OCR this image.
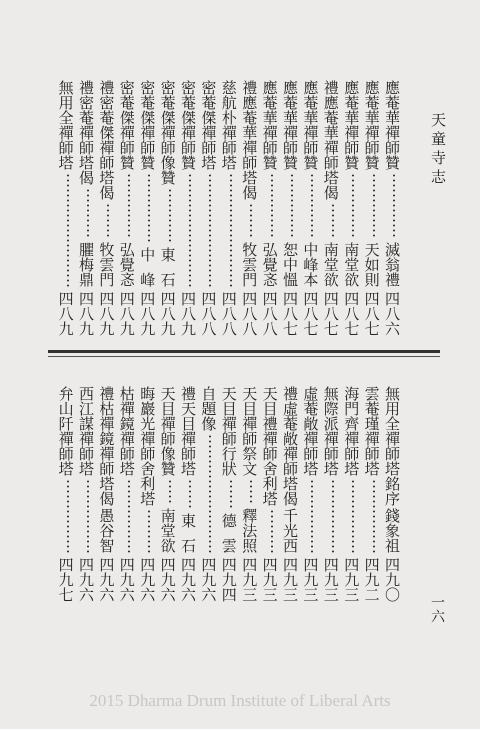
天童寺志
一六
應菴華禪師贊
四八六
滅翁禮
應菴華禪師贊
四八七
天如則
應菴華禪師贊
四八七
南堂欲
禮應菴華禪師塔偈
四八七
南堂欲
應菴華禪師贊
四八七
中峰本
應菴華禪師贊
四八七
恕中慍
應菴華禪師贊
四八八
弘覺忞
禮應菴華禪師塔偈
四八八
牧雲門
慈航朴禪師塔
四八八
密菴傑禪師塔
四八八
密菴傑禪師贊
四八九
密菴傑禪師像贊
四八九
東石
密菴傑禪師贊
四八九
中峰
密菴傑禪師贊
四八九
弘覺忞
禮密菴傑禪師塔偈
四八九
牧雲門
禮密菴禪師塔偈
四八九
臞梅鼎
無用全禪師塔
四八九
無用全禪師塔銘序
四九〇
錢象祖
雲菴瑾禪師塔
四九二
海門齊禪師塔
四九三
無際派禪師塔
四九三
虛菴敞禪師塔
四九三
禮虛菴敞禪師塔偈
四九三
千光西
天目禮禪師舍利塔
四九三
天目禪師祭文
四九三
釋法照
天目禪師行狀
四九四
德雲
自題像
四九六
禮天目禪師塔
四九六
東石
天目禪師像贊
四九六
南堂欲
晦巖光禪師舍利塔
四九六
枯禪鏡禪師塔
四九六
禮枯禪鏡禪師塔偈
四九六
愚谷智
西江謀禪師塔
四九六
弁山阡禪師塔
四九七
2015 Dharma Drum Institute of Liberal Arts
